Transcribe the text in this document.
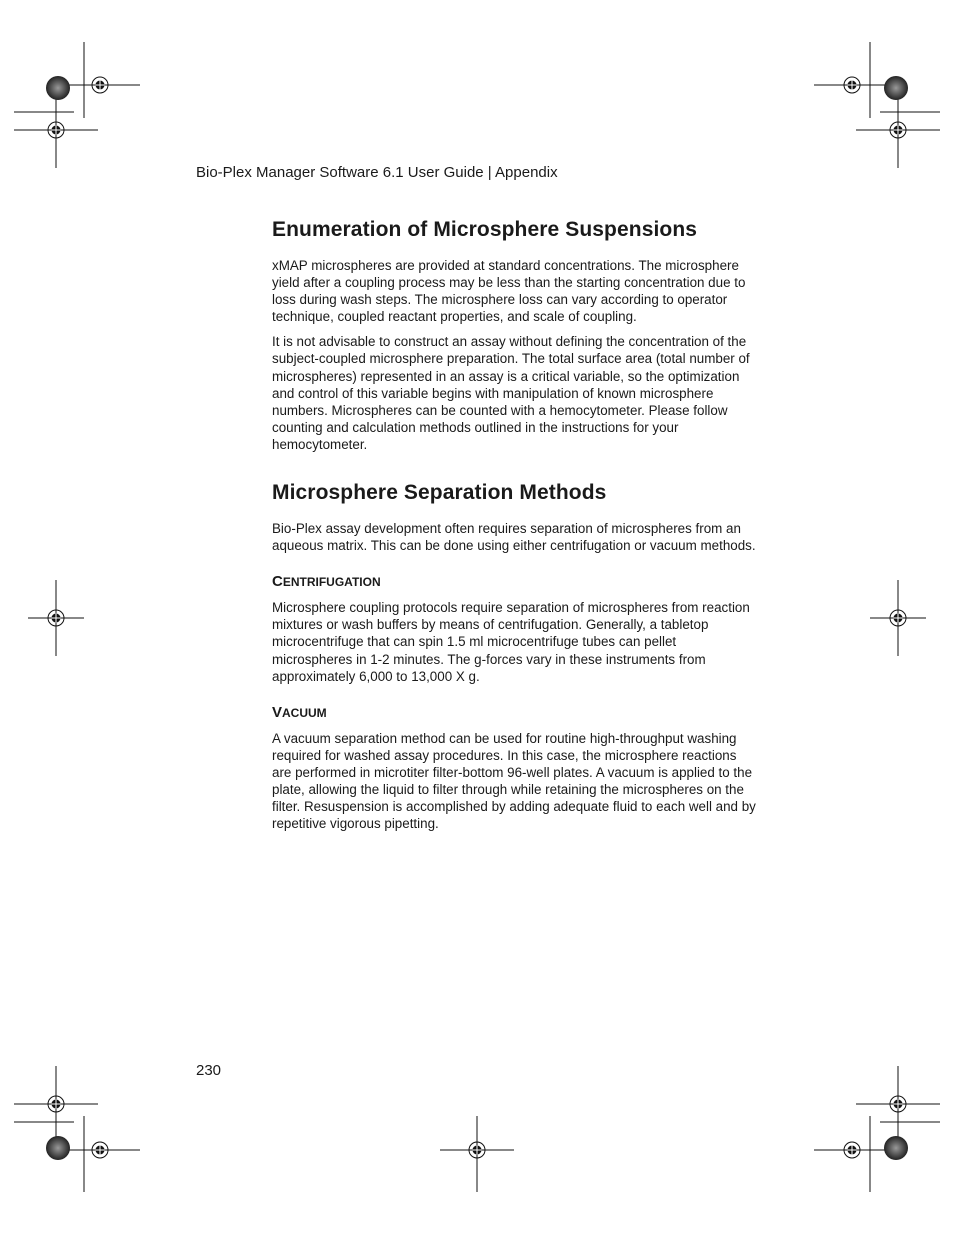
Bio-Plex Manager Software 6.1 User Guide | Appendix

Enumeration of Microsphere Suspensions

xMAP microspheres are provided at standard concentrations. The microsphere yield after a coupling process may be less than the starting concentration due to loss during wash steps. The microsphere loss can vary according to operator technique, coupled reactant properties, and scale of coupling.

It is not advisable to construct an assay without defining the concentration of the subject-coupled microsphere preparation. The total surface area (total number of microspheres) represented in an assay is a critical variable, so the optimization and control of this variable begins with manipulation of known microsphere numbers. Microspheres can be counted with a hemocytometer. Please follow counting and calculation methods outlined in the instructions for your hemocytometer.

Microsphere Separation Methods

Bio-Plex assay development often requires separation of microspheres from an aqueous matrix. This can be done using either centrifugation or vacuum methods.

CENTRIFUGATION

Microsphere coupling protocols require separation of microspheres from reaction mixtures or wash buffers by means of centrifugation. Generally, a tabletop microcentrifuge that can spin 1.5 ml microcentrifuge tubes can pellet microspheres in 1-2 minutes. The g-forces vary in these instruments from approximately 6,000 to 13,000 X g.

VACUUM

A vacuum separation method can be used for routine high-throughput washing required for washed assay procedures. In this case, the microsphere reactions are performed in microtiter filter-bottom 96-well plates. A vacuum is applied to the plate, allowing the liquid to filter through while retaining the microspheres on the filter. Resuspension is accomplished by adding adequate fluid to each well and by repetitive vigorous pipetting.

230
